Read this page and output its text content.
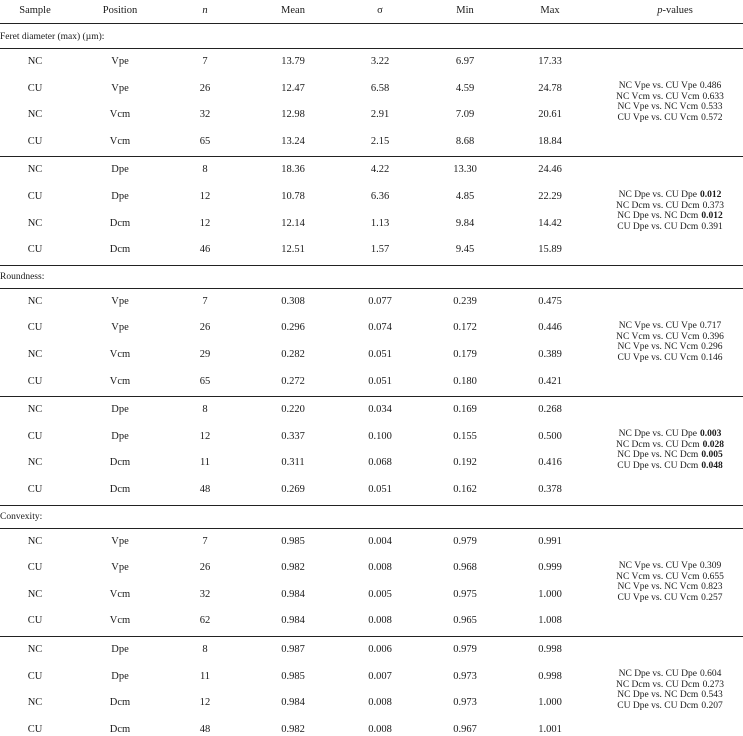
Sample	Position	n	Mean	σ	Min	Max	p-values
Feret diameter (max) (µm):
NC	Vpe	7	13.79	3.22	6.97	17.33
CU	Vpe	26	12.47	6.58	4.59	24.78
NC	Vcm	32	12.98	2.91	7.09	20.61
CU	Vcm	65	13.24	2.15	8.68	18.84
NC Vpe vs. CU Vpe 0.486
NC Vcm vs. CU Vcm 0.633
NC Vpe vs. NC Vcm 0.533
CU Vpe vs. CU Vcm 0.572
NC	Dpe	8	18.36	4.22	13.30	24.46
CU	Dpe	12	10.78	6.36	4.85	22.29
NC	Dcm	12	12.14	1.13	9.84	14.42
CU	Dcm	46	12.51	1.57	9.45	15.89
NC Dpe vs. CU Dpe 0.012
NC Dcm vs. CU Dcm 0.373
NC Dpe vs. NC Dcm 0.012
CU Dpe vs. CU Dcm 0.391
Roundness:
NC	Vpe	7	0.308	0.077	0.239	0.475
CU	Vpe	26	0.296	0.074	0.172	0.446
NC	Vcm	29	0.282	0.051	0.179	0.389
CU	Vcm	65	0.272	0.051	0.180	0.421
NC Vpe vs. CU Vpe 0.717
NC Vcm vs. CU Vcm 0.396
NC Vpe vs. NC Vcm 0.296
CU Vpe vs. CU Vcm 0.146
NC	Dpe	8	0.220	0.034	0.169	0.268
CU	Dpe	12	0.337	0.100	0.155	0.500
NC	Dcm	11	0.311	0.068	0.192	0.416
CU	Dcm	48	0.269	0.051	0.162	0.378
NC Dpe vs. CU Dpe 0.003
NC Dcm vs. CU Dcm 0.028
NC Dpe vs. NC Dcm 0.005
CU Dpe vs. CU Dcm 0.048
Convexity:
NC	Vpe	7	0.985	0.004	0.979	0.991
CU	Vpe	26	0.982	0.008	0.968	0.999
NC	Vcm	32	0.984	0.005	0.975	1.000
CU	Vcm	62	0.984	0.008	0.965	1.008
NC Vpe vs. CU Vpe 0.309
NC Vcm vs. CU Vcm 0.655
NC Vpe vs. NC Vcm 0.823
CU Vpe vs. CU Vcm 0.257
NC	Dpe	8	0.987	0.006	0.979	0.998
CU	Dpe	11	0.985	0.007	0.973	0.998
NC	Dcm	12	0.984	0.008	0.973	1.000
CU	Dcm	48	0.982	0.008	0.967	1.001
NC Dpe vs. CU Dpe 0.604
NC Dcm vs. CU Dcm 0.273
NC Dpe vs. NC Dcm 0.543
CU Dpe vs. CU Dcm 0.207
